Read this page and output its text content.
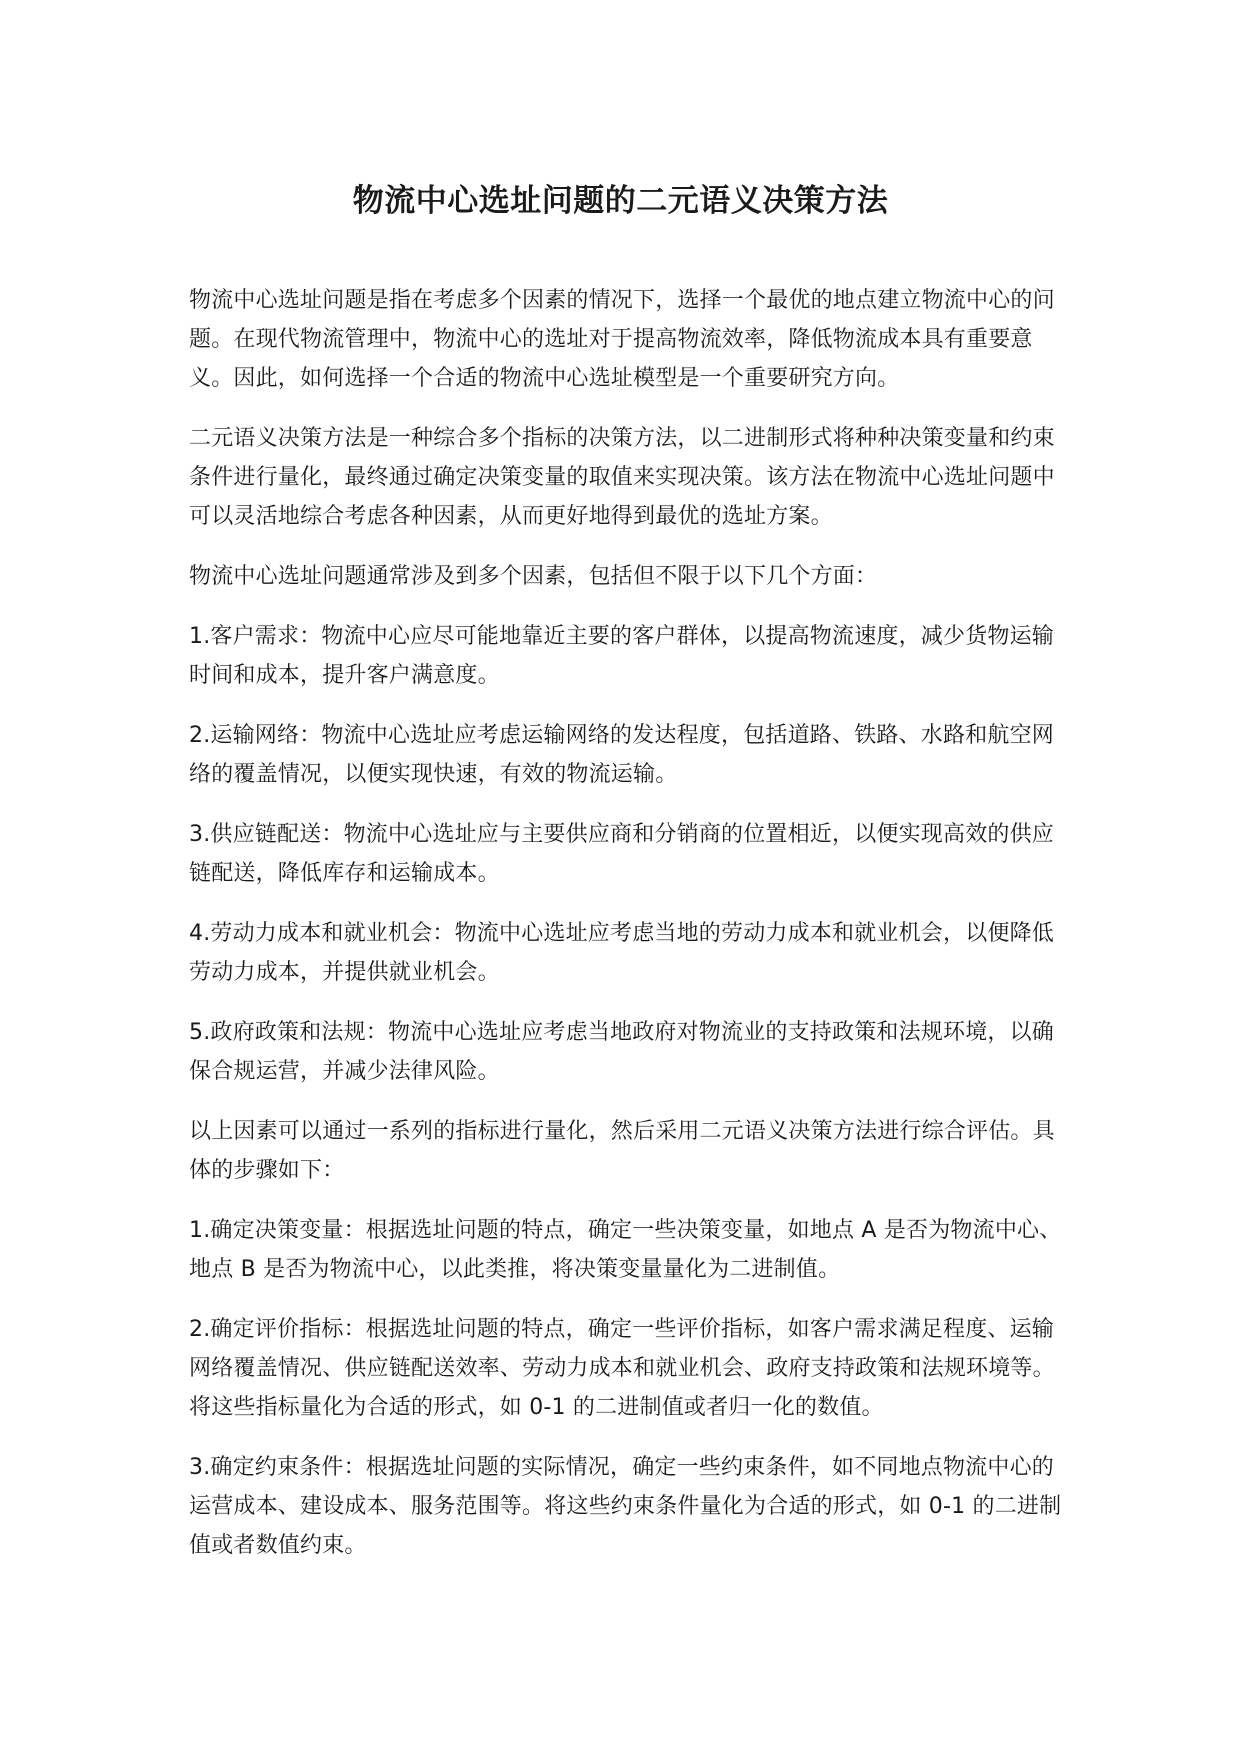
物流中心选址问题的二元语义决策方法

物流中心选址问题是指在考虑多个因素的情况下，选择一个最优的地点建立物流中心的问题。在现代物流管理中，物流中心的选址对于提高物流效率，降低物流成本具有重要意义。因此，如何选择一个合适的物流中心选址模型是一个重要研究方向。

二元语义决策方法是一种综合多个指标的决策方法，以二进制形式将种种决策变量和约束条件进行量化，最终通过确定决策变量的取值来实现决策。该方法在物流中心选址问题中可以灵活地综合考虑各种因素，从而更好地得到最优的选址方案。

物流中心选址问题通常涉及到多个因素，包括但不限于以下几个方面：

1.客户需求：物流中心应尽可能地靠近主要的客户群体，以提高物流速度，减少货物运输时间和成本，提升客户满意度。

2.运输网络：物流中心选址应考虑运输网络的发达程度，包括道路、铁路、水路和航空网络的覆盖情况，以便实现快速，有效的物流运输。

3.供应链配送：物流中心选址应与主要供应商和分销商的位置相近，以便实现高效的供应链配送，降低库存和运输成本。

4.劳动力成本和就业机会：物流中心选址应考虑当地的劳动力成本和就业机会，以便降低劳动力成本，并提供就业机会。

5.政府政策和法规：物流中心选址应考虑当地政府对物流业的支持政策和法规环境，以确保合规运营，并减少法律风险。

以上因素可以通过一系列的指标进行量化，然后采用二元语义决策方法进行综合评估。具体的步骤如下：

1.确定决策变量：根据选址问题的特点，确定一些决策变量，如地点 A 是否为物流中心、地点 B 是否为物流中心，以此类推，将决策变量量化为二进制值。

2.确定评价指标：根据选址问题的特点，确定一些评价指标，如客户需求满足程度、运输网络覆盖情况、供应链配送效率、劳动力成本和就业机会、政府支持政策和法规环境等。将这些指标量化为合适的形式，如 0-1 的二进制值或者归一化的数值。

3.确定约束条件：根据选址问题的实际情况，确定一些约束条件，如不同地点物流中心的运营成本、建设成本、服务范围等。将这些约束条件量化为合适的形式，如 0-1 的二进制值或者数值约束。
